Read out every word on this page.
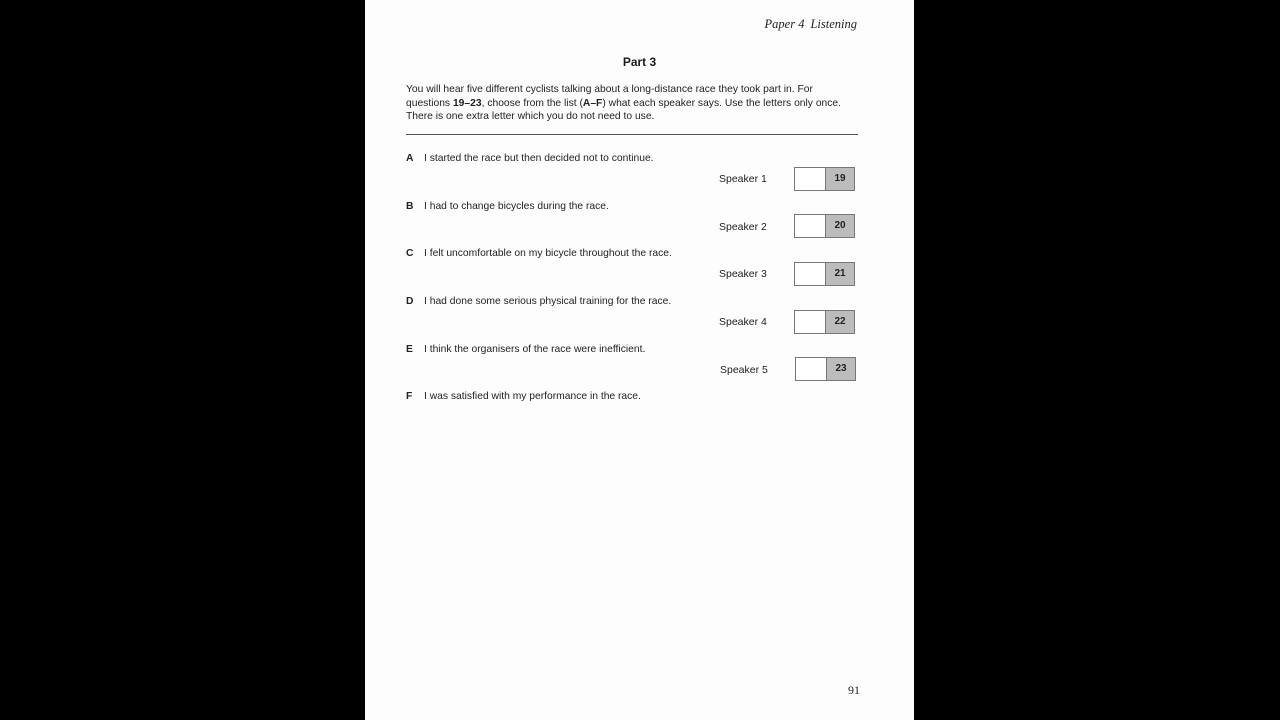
Paper 4 Listening
Part 3
You will hear five different cyclists talking about a long-distance race they took part in. For questions 19–23, choose from the list (A–F) what each speaker says. Use the letters only once. There is one extra letter which you do not need to use.
A I started the race but then decided not to continue.
B I had to change bicycles during the race.
C I felt uncomfortable on my bicycle throughout the race.
D I had done some serious physical training for the race.
E I think the organisers of the race were inefficient.
F I was satisfied with my performance in the race.
Speaker 1	19
Speaker 2	20
Speaker 3	21
Speaker 4	22
Speaker 5	23
91
